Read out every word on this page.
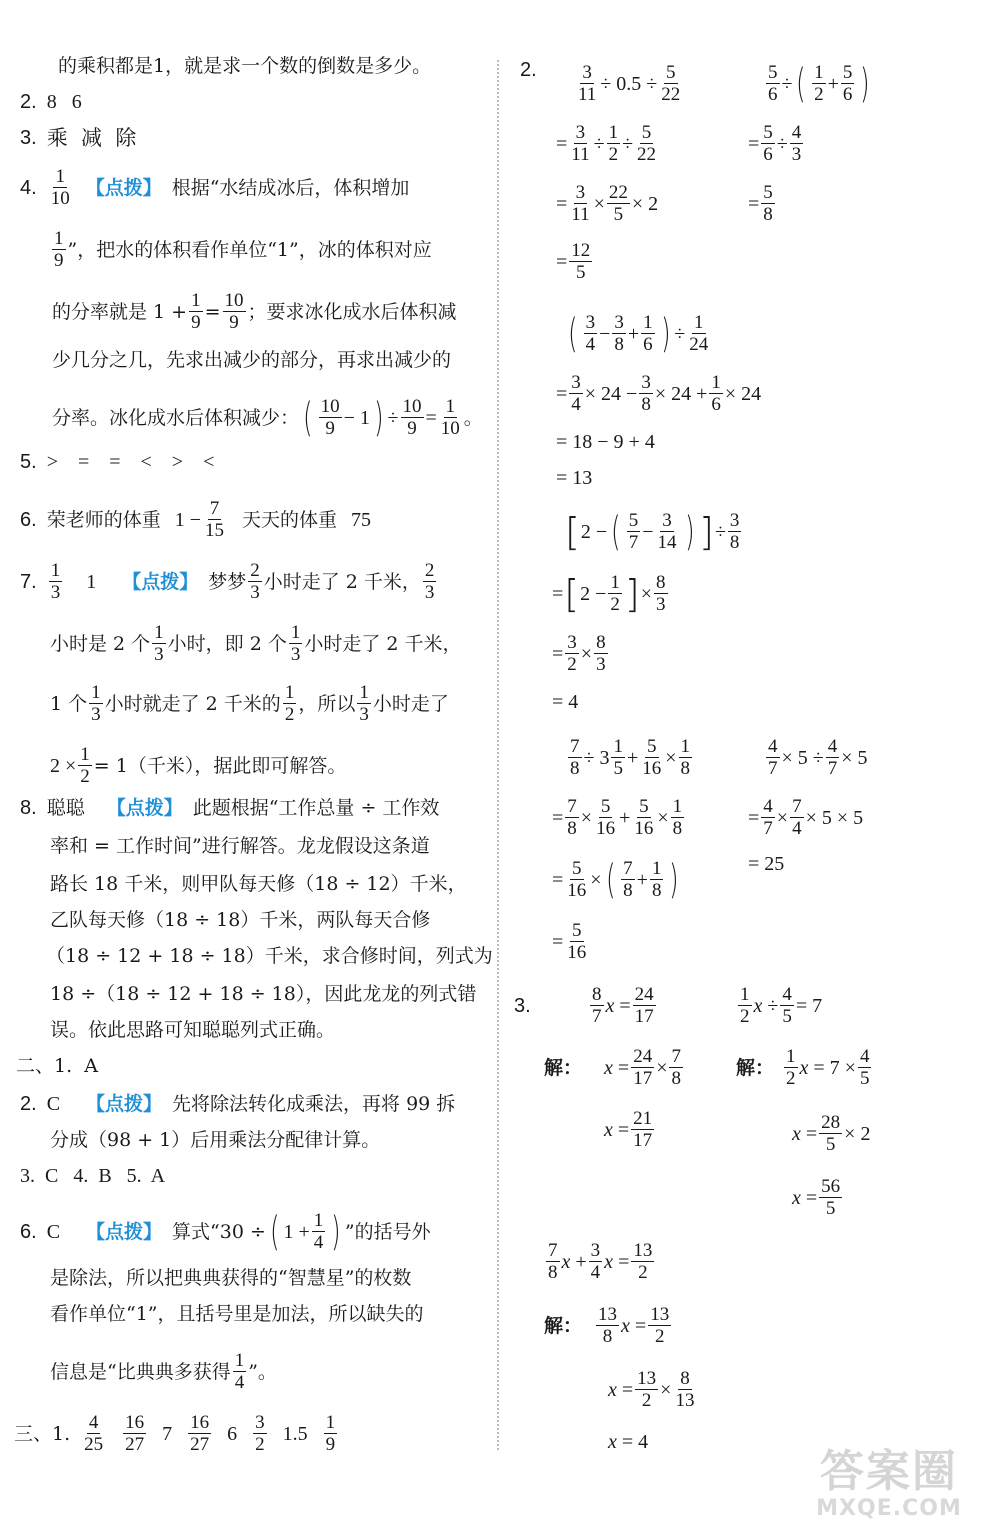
的乘积都是1，就是求一个数的倒数是多少。
2. 8   6
3. 乘  减  除
4. $\frac{1}{10}$ 【点拨】 根据“水结成冰后，体积增加
$\frac{1}{9}$ ”，把水的体积看作单位“1”，冰的体积对应
的分率就是 $1 + \frac{1}{9} = \frac{10}{9}$ ；要求冰化成水后体积减
少几分之几，先求出减少的部分，再求出减少的
分率。冰化成水后体积减少： ( $\frac{10}{9} - 1$ ) ÷ $\frac{10}{9} = \frac{1}{10}$ 。
5. >    =    =    <    >    <
6. 荣老师的体重 $1 - \frac{7}{15}$ 天天的体重 75
7. $\frac{1}{3} 1$ 【点拨】 梦梦 $\frac{2}{3}$ 小时走了 2 千米， $\frac{2}{3}$
小时是 2 个 $\frac{1}{3}$ 小时，即 2 个 $\frac{1}{3}$ 小时走了 2 千米，
1 个 $\frac{1}{3}$ 小时就走了 2 千米的 $\frac{1}{2}$ ，所以 $\frac{1}{3}$ 小时走了
$2 \times \frac{1}{2} = 1$（千米），据此即可解答。
8. 聪聪 【点拨】 此题根据“工作总量 ÷ 工作效
率和 = 工作时间”进行解答。龙龙假设这条道
路长 18 千米，则甲队每天修（18 ÷ 12）千米，
乙队每天修（18 ÷ 18）千米，两队每天合修
（18 ÷ 12 + 18 ÷ 18）千米，求合修时间，列式为
18 ÷（18 ÷ 12 + 18 ÷ 18），因此龙龙的列式错
误。依此思路可知聪聪列式正确。
二、1.  A
2. C 【点拨】 先将除法转化成乘法，再将 99 拆
分成（98 + 1）后用乘法分配律计算。
3.  C   4.  B   5.  A
6. C 【点拨】 算式“30 ÷ ( $1 + \frac{1}{4}$ ) ”的括号外
是除法，所以把典典获得的“智慧星”的枚数
看作单位“1”，且括号里是加法，所以缺失的
信息是“比典典多获得 $\frac{1}{4}$ ”。
三、1. $\frac{4}{25} \frac{16}{27} 7 \frac{16}{27} 6 \frac{3}{2} 1.5 \frac{1}{9}$
2. $\frac{3}{11} \div 0.5 \div \frac{5}{22}$
= $\frac{3}{11} \div \frac{1}{2} \div \frac{5}{22}$
= $\frac{3}{11} \times \frac{22}{5} \times 2$
= $\frac{12}{5}$
$\frac{5}{6}$ ÷ ( $\frac{1}{2} + \frac{5}{6}$ )
= $\frac{5}{6} \div \frac{4}{3}$
= $\frac{5}{8}$
( $\frac{3}{4} - \frac{3}{8} + \frac{1}{6}$ ) ÷ $\frac{1}{24}$
= $\frac{3}{4} \times 24 - \frac{3}{8} \times 24 + \frac{1}{6} \times 24$
= 18 − 9 + 4
= 13
[ 2 − ( $\frac{5}{7} - \frac{3}{14}$ ) ] ÷ $\frac{3}{8}$
= [ $2 - \frac{1}{2}$ ] × $\frac{8}{3}$
= $\frac{3}{2} \times \frac{8}{3}$
= 4
$\frac{7}{8} \div 3 \frac{1}{5} + \frac{5}{16} \times \frac{1}{8}$
= $\frac{7}{8} \times \frac{5}{16} + \frac{5}{16} \times \frac{1}{8}$
= $\frac{5}{16}$ × ( $\frac{7}{8} + \frac{1}{8}$ )
= $\frac{5}{16}$
$\frac{4}{7} \times 5 \div \frac{4}{7} \times 5$
= $\frac{4}{7} \times \frac{7}{4} \times 5 \times 5$
= 25
3.	$\frac{8}{7}$ $x = \frac{24}{17}$
解： $x = \frac{24}{17} \times \frac{7}{8}$
$x = \frac{21}{17}$
$\frac{1}{2}$ $x \div \frac{4}{5} = 7$
解： $\frac{1}{2}$ $x = 7 \times \frac{4}{5}$
$x = \frac{28}{5} \times 2$
$x = \frac{56}{5}$
$\frac{7}{8}$ $x + \frac{3}{4}$ $x = \frac{13}{2}$
解： $\frac{13}{8}$ $x = \frac{13}{2}$
$x = \frac{13}{2} \times \frac{8}{13}$
x = 4
答案圈
MXQE.COM
